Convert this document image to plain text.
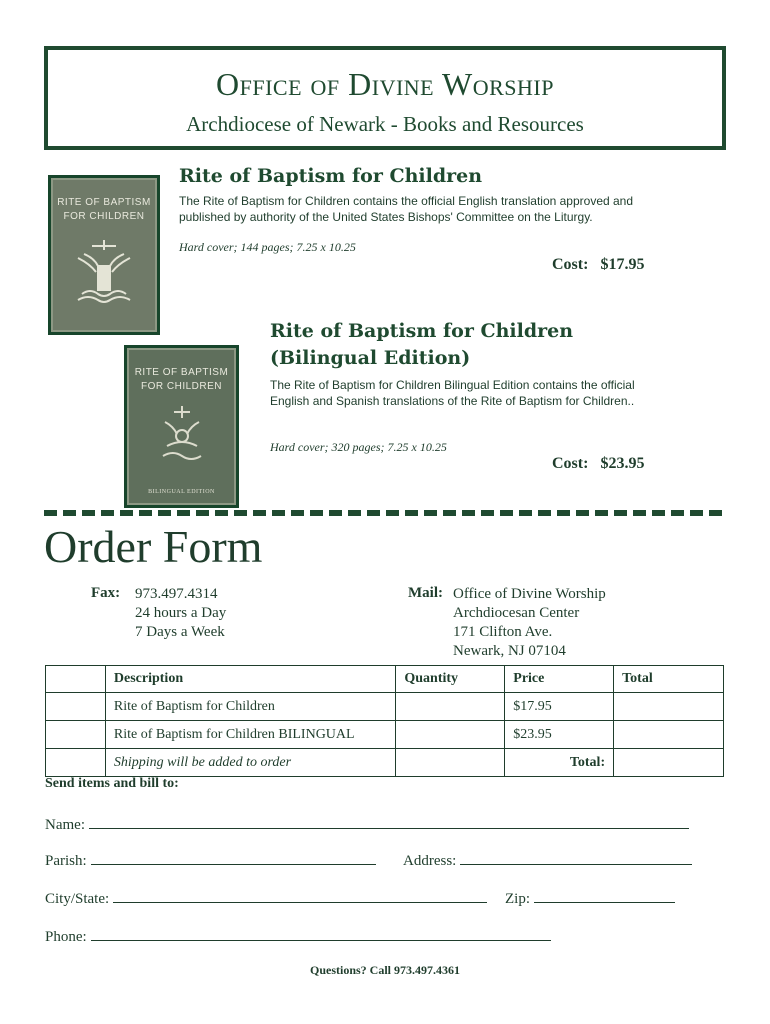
Office of Divine Worship
Archdiocese of Newark - Books and Resources
RITE OF BAPTISM
FOR CHILDREN
Rite of Baptism for Children
The Rite of Baptism for Children contains the official English translation approved and published by authority of the United States Bishops' Committee on the Liturgy.
Hard cover; 144 pages; 7.25 x 10.25
Cost: $17.95
RITE OF BAPTISM
FOR CHILDREN
BILINGUAL EDITION
Rite of Baptism for Children
(Bilingual Edition)
The Rite of Baptism for Children Bilingual Edition contains the official English and Spanish translations of the Rite of Baptism for Children..
Hard cover; 320 pages; 7.25 x 10.25
Cost: $23.95
Order Form
Fax: 973.497.4314
24 hours a Day
7 Days a Week
Mail: Office of Divine Worship
Archdiocesan Center
171 Clifton Ave.
Newark, NJ 07104
	Description	Quantity	Price	Total
	Rite of Baptism for Children		$17.95	
	Rite of Baptism for Children BILINGUAL		$23.95	
	Shipping will be added to order		Total:	
Send items and bill to:
Name:
Parish:	Address:
City/State:	Zip:
Phone:
Questions? Call 973.497.4361
